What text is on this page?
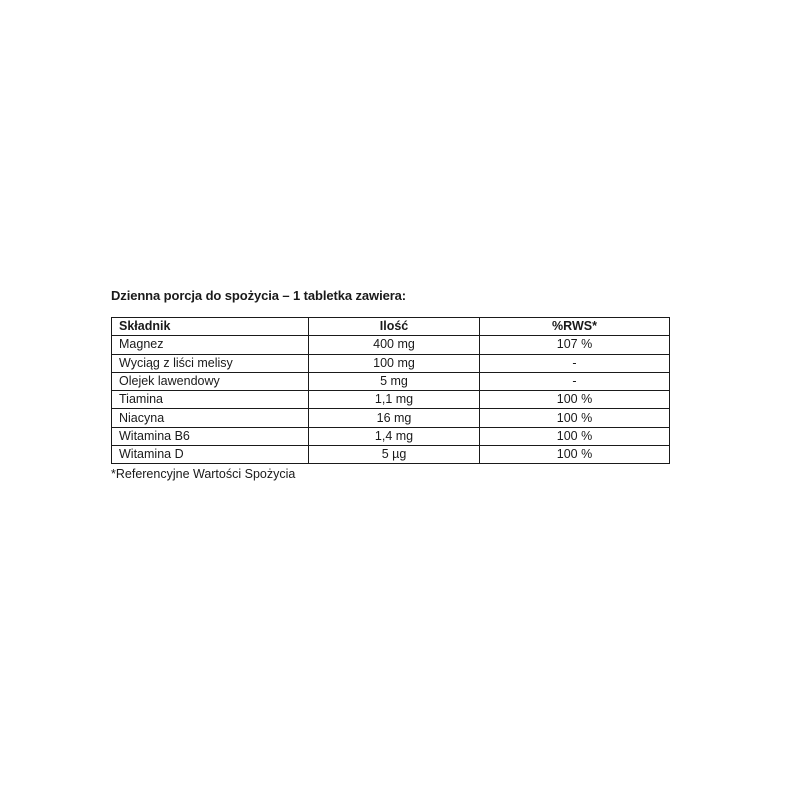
Dzienna porcja do spożycia – 1 tabletka zawiera:
Składnik	Ilość	%RWS*
Magnez	400 mg	107 %
Wyciąg z liści melisy	100 mg	-
Olejek lawendowy	5 mg	-
Tiamina	1,1 mg	100 %
Niacyna	16 mg	100 %
Witamina B6	1,4 mg	100 %
Witamina D	5 µg	100 %
*Referencyjne Wartości Spożycia
